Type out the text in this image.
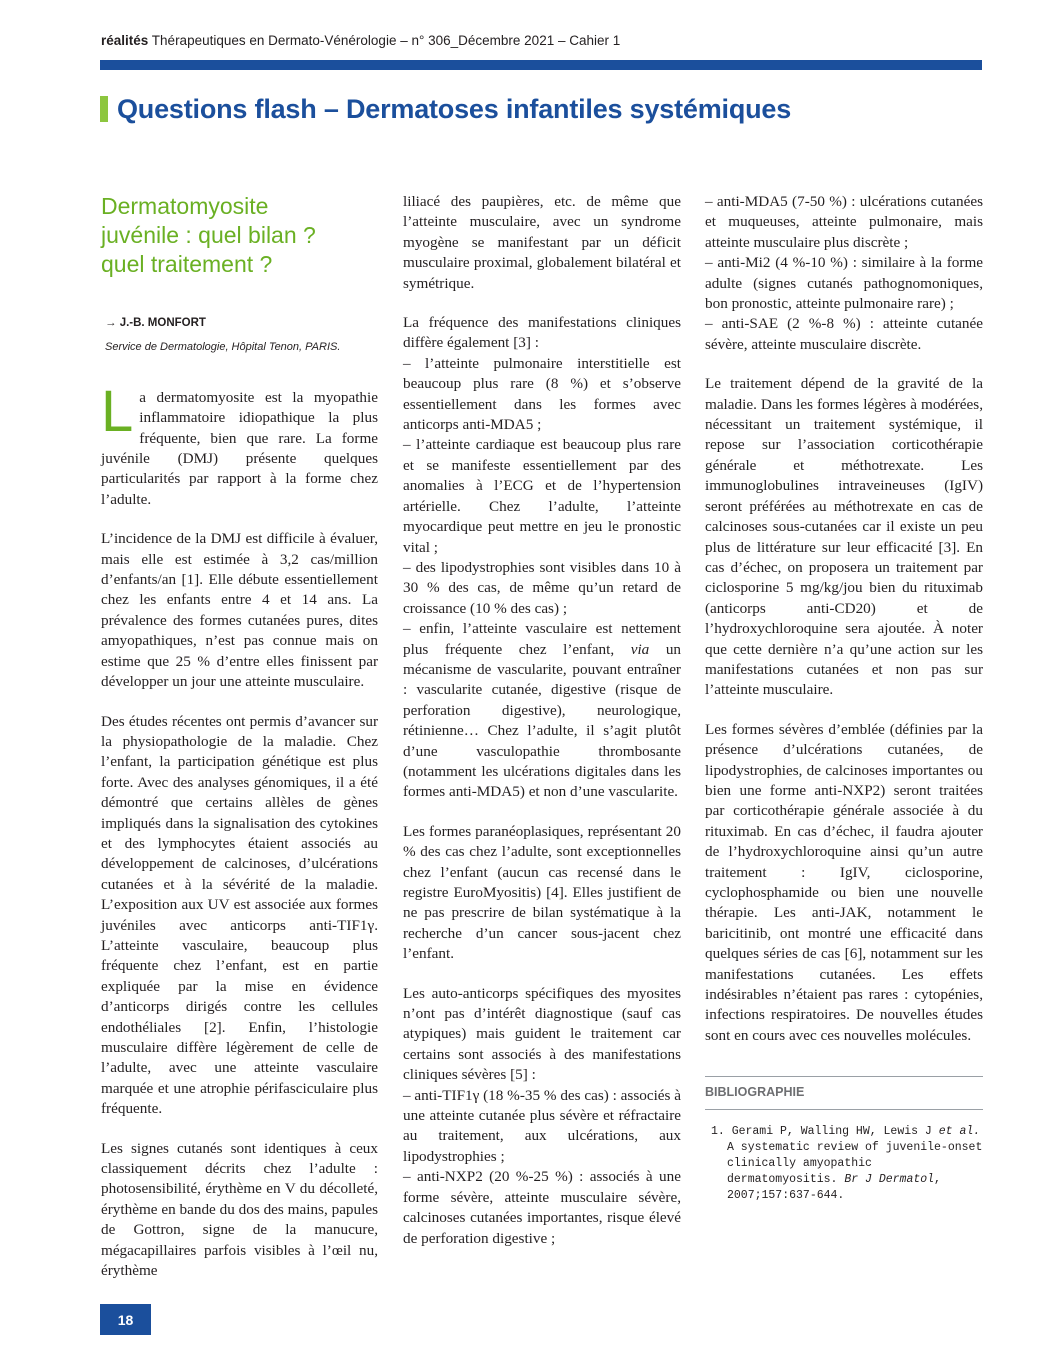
réalités Thérapeutiques en Dermato-Vénérologie – n° 306_Décembre 2021 – Cahier 1
Questions flash – Dermatoses infantiles systémiques
Dermatomyosite
juvénile : quel bilan ?
quel traitement ?
→ J.-B. MONFORT
Service de Dermatologie, Hôpital Tenon, PARIS.

La dermatomyosite est la myopathie inflammatoire idiopathique la plus fréquente, bien que rare. La forme juvénile (DMJ) présente quelques particularités par rapport à la forme chez l’adulte.

L’incidence de la DMJ est difficile à évaluer, mais elle est estimée à 3,2 cas/million d’enfants/an [1]. Elle débute essentiellement chez les enfants entre 4 et 14 ans. La prévalence des formes cutanées pures, dites amyopathiques, n’est pas connue mais on estime que 25 % d’entre elles finissent par développer un jour une atteinte musculaire.

Des études récentes ont permis d’avancer sur la physiopathologie de la maladie. Chez l’enfant, la participation génétique est plus forte. Avec des analyses génomiques, il a été démontré que certains allèles de gènes impliqués dans la signalisation des cytokines et des lymphocytes étaient associés au développement de calcinoses, d’ulcérations cutanées et à la sévérité de la maladie. L’exposition aux UV est associée aux formes juvéniles avec anticorps anti-TIF1γ. L’atteinte vasculaire, beaucoup plus fréquente chez l’enfant, est en partie expliquée par la mise en évidence d’anticorps dirigés contre les cellules endothéliales [2]. Enfin, l’histologie musculaire diffère légèrement de celle de l’adulte, avec une atteinte vasculaire marquée et une atrophie périfasciculaire plus fréquente.

Les signes cutanés sont identiques à ceux classiquement décrits chez l’adulte : photosensibilité, érythème en V du décolleté, érythème en bande du dos des mains, papules de Gottron, signe de la manucure, mégacapillaires parfois visibles à l’œil nu, érythème

liliacé des paupières, etc. de même que l’atteinte musculaire, avec un syndrome myogène se manifestant par un déficit musculaire proximal, globalement bilatéral et symétrique.

La fréquence des manifestations cliniques diffère également [3] :
– l’atteinte pulmonaire interstitielle est beaucoup plus rare (8 %) et s’observe essentiellement dans les formes avec anticorps anti-MDA5 ;
– l’atteinte cardiaque est beaucoup plus rare et se manifeste essentiellement par des anomalies à l’ECG et de l’hypertension artérielle. Chez l’adulte, l’atteinte myocardique peut mettre en jeu le pronostic vital ;
– des lipodystrophies sont visibles dans 10 à 30 % des cas, de même qu’un retard de croissance (10 % des cas) ;
– enfin, l’atteinte vasculaire est nettement plus fréquente chez l’enfant, via un mécanisme de vascularite, pouvant entraîner : vascularite cutanée, digestive (risque de perforation digestive), neurologique, rétinienne… Chez l’adulte, il s’agit plutôt d’une vasculopathie thrombosante (notamment les ulcérations digitales dans les formes anti-MDA5) et non d’une vascularite.

Les formes paranéoplasiques, représentant 20 % des cas chez l’adulte, sont exceptionnelles chez l’enfant (aucun cas recensé dans le registre EuroMyositis) [4]. Elles justifient de ne pas prescrire de bilan systématique à la recherche d’un cancer sous-jacent chez l’enfant.

Les auto-anticorps spécifiques des myosites n’ont pas d’intérêt diagnostique (sauf cas atypiques) mais guident le traitement car certains sont associés à des manifestations cliniques sévères [5] :
– anti-TIF1γ (18 %-35 % des cas) : associés à une atteinte cutanée plus sévère et réfractaire au traitement, aux ulcérations, aux lipodystrophies ;
– anti-NXP2 (20 %-25 %) : associés à une forme sévère, atteinte musculaire sévère, calcinoses cutanées importantes, risque élevé de perforation digestive ;

– anti-MDA5 (7-50 %) : ulcérations cutanées et muqueuses, atteinte pulmonaire, mais atteinte musculaire plus discrète ;
– anti-Mi2 (4 %-10 %) : similaire à la forme adulte (signes cutanés pathognomoniques, bon pronostic, atteinte pulmonaire rare) ;
– anti-SAE (2 %-8 %) : atteinte cutanée sévère, atteinte musculaire discrète.

Le traitement dépend de la gravité de la maladie. Dans les formes légères à modérées, nécessitant un traitement systémique, il repose sur l’association corticothérapie générale et méthotrexate. Les immunoglobulines intraveineuses (IgIV) seront préférées au méthotrexate en cas de calcinoses sous-cutanées car il existe un peu plus de littérature sur leur efficacité [3]. En cas d’échec, on proposera un traitement par ciclosporine 5 mg/kg/jou bien du rituximab (anticorps anti-CD20) et de l’hydroxychloroquine sera ajoutée. À noter que cette dernière n’a qu’une action sur les manifestations cutanées et non pas sur l’atteinte musculaire.

Les formes sévères d’emblée (définies par la présence d’ulcérations cutanées, de lipodystrophies, de calcinoses importantes ou bien une forme anti-NXP2) seront traitées par corticothérapie générale associée à du rituximab. En cas d’échec, il faudra ajouter de l’hydroxychloroquine ainsi qu’un autre traitement : IgIV, ciclosporine, cyclophosphamide ou bien une nouvelle thérapie. Les anti-JAK, notamment le baricitinib, ont montré une efficacité dans quelques séries de cas [6], notamment sur les manifestations cutanées. Les effets indésirables n’étaient pas rares : cytopénies, infections respiratoires. De nouvelles études sont en cours avec ces nouvelles molécules.

BIBLIOGRAPHIE
1. Gerami P, Walling HW, Lewis J et al. A systematic review of juvenile-onset clinically amyopathic dermatomyositis. Br J Dermatol, 2007;157:637-644.
18
